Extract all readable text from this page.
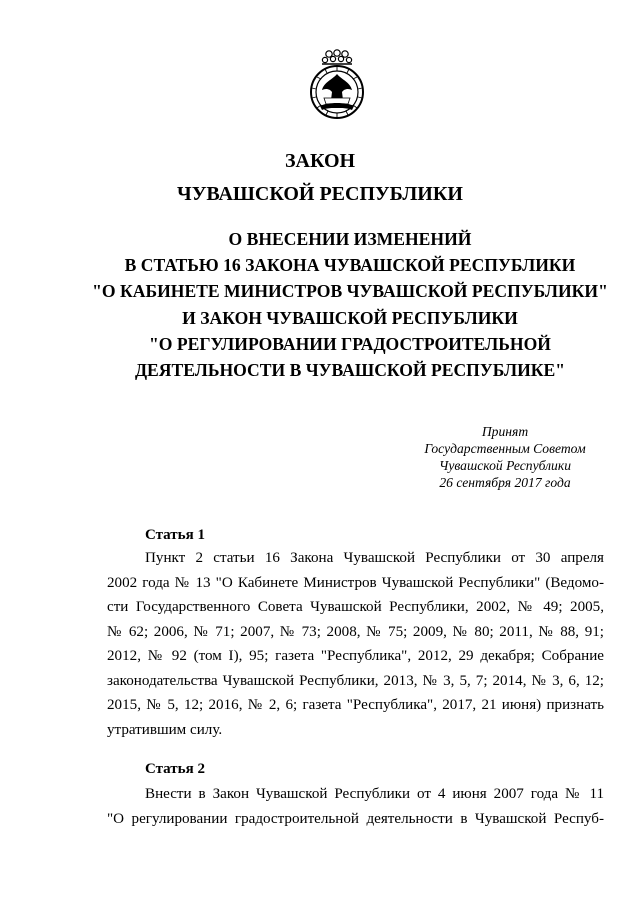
ЗАКОН
ЧУВАШСКОЙ РЕСПУБЛИКИ
О ВНЕСЕНИИ ИЗМЕНЕНИЙ
В СТАТЬЮ 16 ЗАКОНА ЧУВАШСКОЙ РЕСПУБЛИКИ
"О КАБИНЕТЕ МИНИСТРОВ ЧУВАШСКОЙ РЕСПУБЛИКИ"
И ЗАКОН ЧУВАШСКОЙ РЕСПУБЛИКИ
"О РЕГУЛИРОВАНИИ ГРАДОСТРОИТЕЛЬНОЙ
ДЕЯТЕЛЬНОСТИ В ЧУВАШСКОЙ РЕСПУБЛИКЕ"
Принят
Государственным Советом
Чувашской Республики
26 сентября 2017 года
Статья 1
Пункт 2 статьи 16 Закона Чувашской Республики от 30 апреля
2002 года № 13 "О Кабинете Министров Чувашской Республики" (Ведомо-
сти Государственного Совета Чувашской Республики, 2002, № 49; 2005,
№ 62; 2006, № 71; 2007, № 73; 2008, № 75; 2009, № 80; 2011, № 88, 91;
2012, № 92 (том I), 95; газета "Республика", 2012, 29 декабря; Собрание
законодательства Чувашской Республики, 2013, № 3, 5, 7; 2014, № 3, 6, 12;
2015, № 5, 12; 2016, № 2, 6; газета "Республика", 2017, 21 июня) признать
утратившим силу.
Статья 2
Внести в Закон Чувашской Республики от 4 июня 2007 года № 11
"О регулировании градостроительной деятельности в Чувашской Респуб-
